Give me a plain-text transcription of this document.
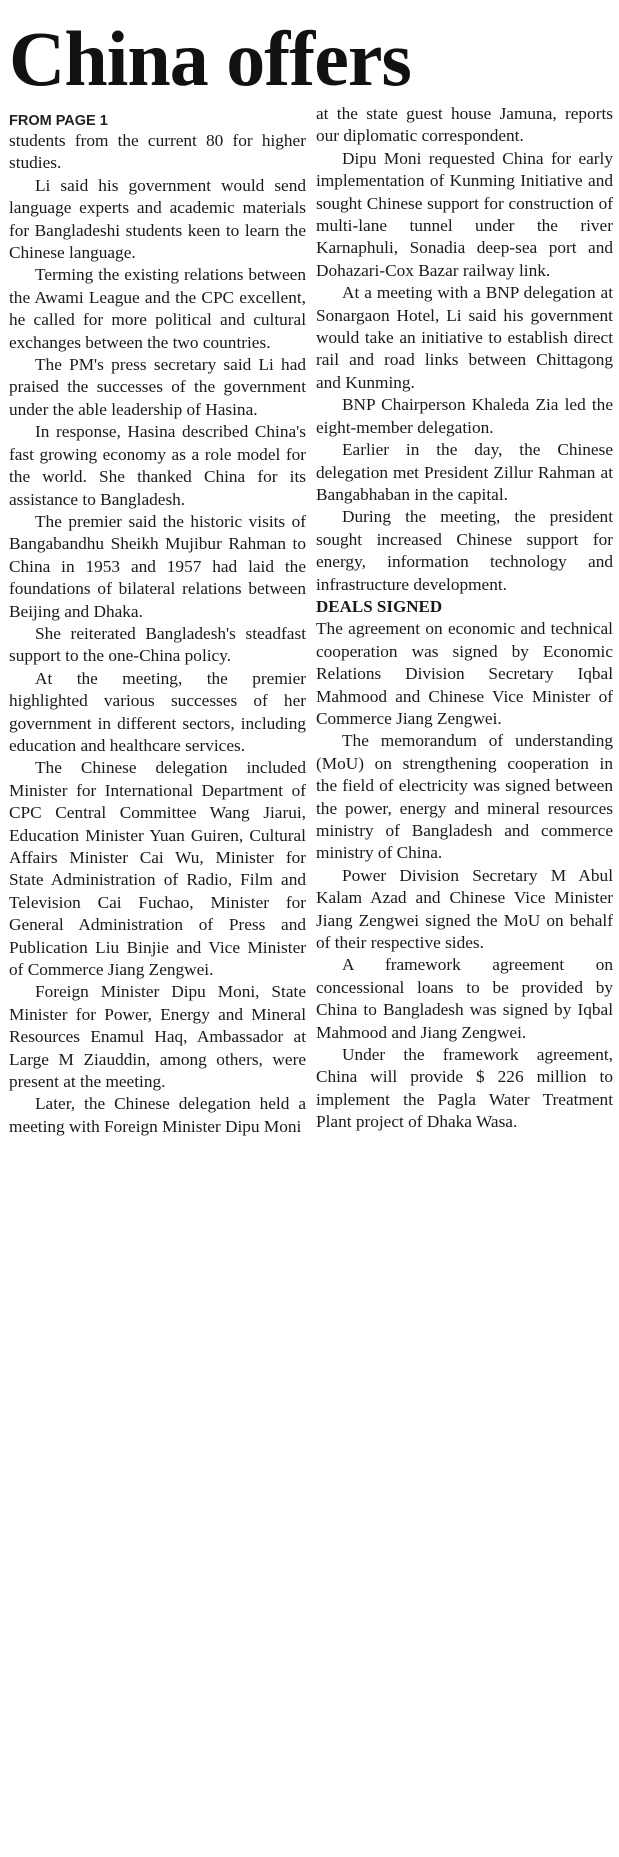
China offers
FROM PAGE 1

students from the current 80 for higher studies.

Li said his government would send language experts and academic materials for Bangladeshi students keen to learn the Chinese language.

Terming the existing relations between the Awami League and the CPC excellent, he called for more political and cultural exchanges between the two countries.

The PM's press secretary said Li had praised the successes of the government under the able leadership of Hasina.

In response, Hasina described China's fast growing economy as a role model for the world. She thanked China for its assistance to Bangladesh.

The premier said the historic visits of Bangabandhu Sheikh Mujibur Rahman to China in 1953 and 1957 had laid the foundations of bilateral relations between Beijing and Dhaka.

She reiterated Bangladesh's steadfast support to the one-China policy.

At the meeting, the premier highlighted various successes of her government in different sectors, including education and healthcare services.

The Chinese delegation included Minister for International Department of CPC Central Committee Wang Jiarui, Education Minister Yuan Guiren, Cultural Affairs Minister Cai Wu, Minister for State Administration of Radio, Film and Television Cai Fuchao, Minister for General Administration of Press and Publication Liu Binjie and Vice Minister of Commerce Jiang Zengwei.

Foreign Minister Dipu Moni, State Minister for Power, Energy and Mineral Resources Enamul Haq, Ambassador at Large M Ziauddin, among others, were present at the meeting.

Later, the Chinese delegation held a meeting with Foreign Minister Dipu Moni

at the state guest house Jamuna, reports our diplomatic correspondent.

Dipu Moni requested China for early implementation of Kunming Initiative and sought Chinese support for construction of multi-lane tunnel under the river Karnaphuli, Sonadia deep-sea port and Dohazari-Cox Bazar railway link.

At a meeting with a BNP delegation at Sonargaon Hotel, Li said his government would take an initiative to establish direct rail and road links between Chittagong and Kunming.

BNP Chairperson Khaleda Zia led the eight-member delegation.

Earlier in the day, the Chinese delegation met President Zillur Rahman at Bangabhaban in the capital.

During the meeting, the president sought increased Chinese support for energy, information technology and infrastructure development.

DEALS SIGNED

The agreement on economic and technical cooperation was signed by Economic Relations Division Secretary Iqbal Mahmood and Chinese Vice Minister of Commerce Jiang Zengwei.

The memorandum of understanding (MoU) on strengthening cooperation in the field of electricity was signed between the power, energy and mineral resources ministry of Bangladesh and commerce ministry of China.

Power Division Secretary M Abul Kalam Azad and Chinese Vice Minister Jiang Zengwei signed the MoU on behalf of their respective sides.

A framework agreement on concessional loans to be provided by China to Bangladesh was signed by Iqbal Mahmood and Jiang Zengwei.

Under the framework agreement, China will provide $ 226 million to implement the Pagla Water Treatment Plant project of Dhaka Wasa.
